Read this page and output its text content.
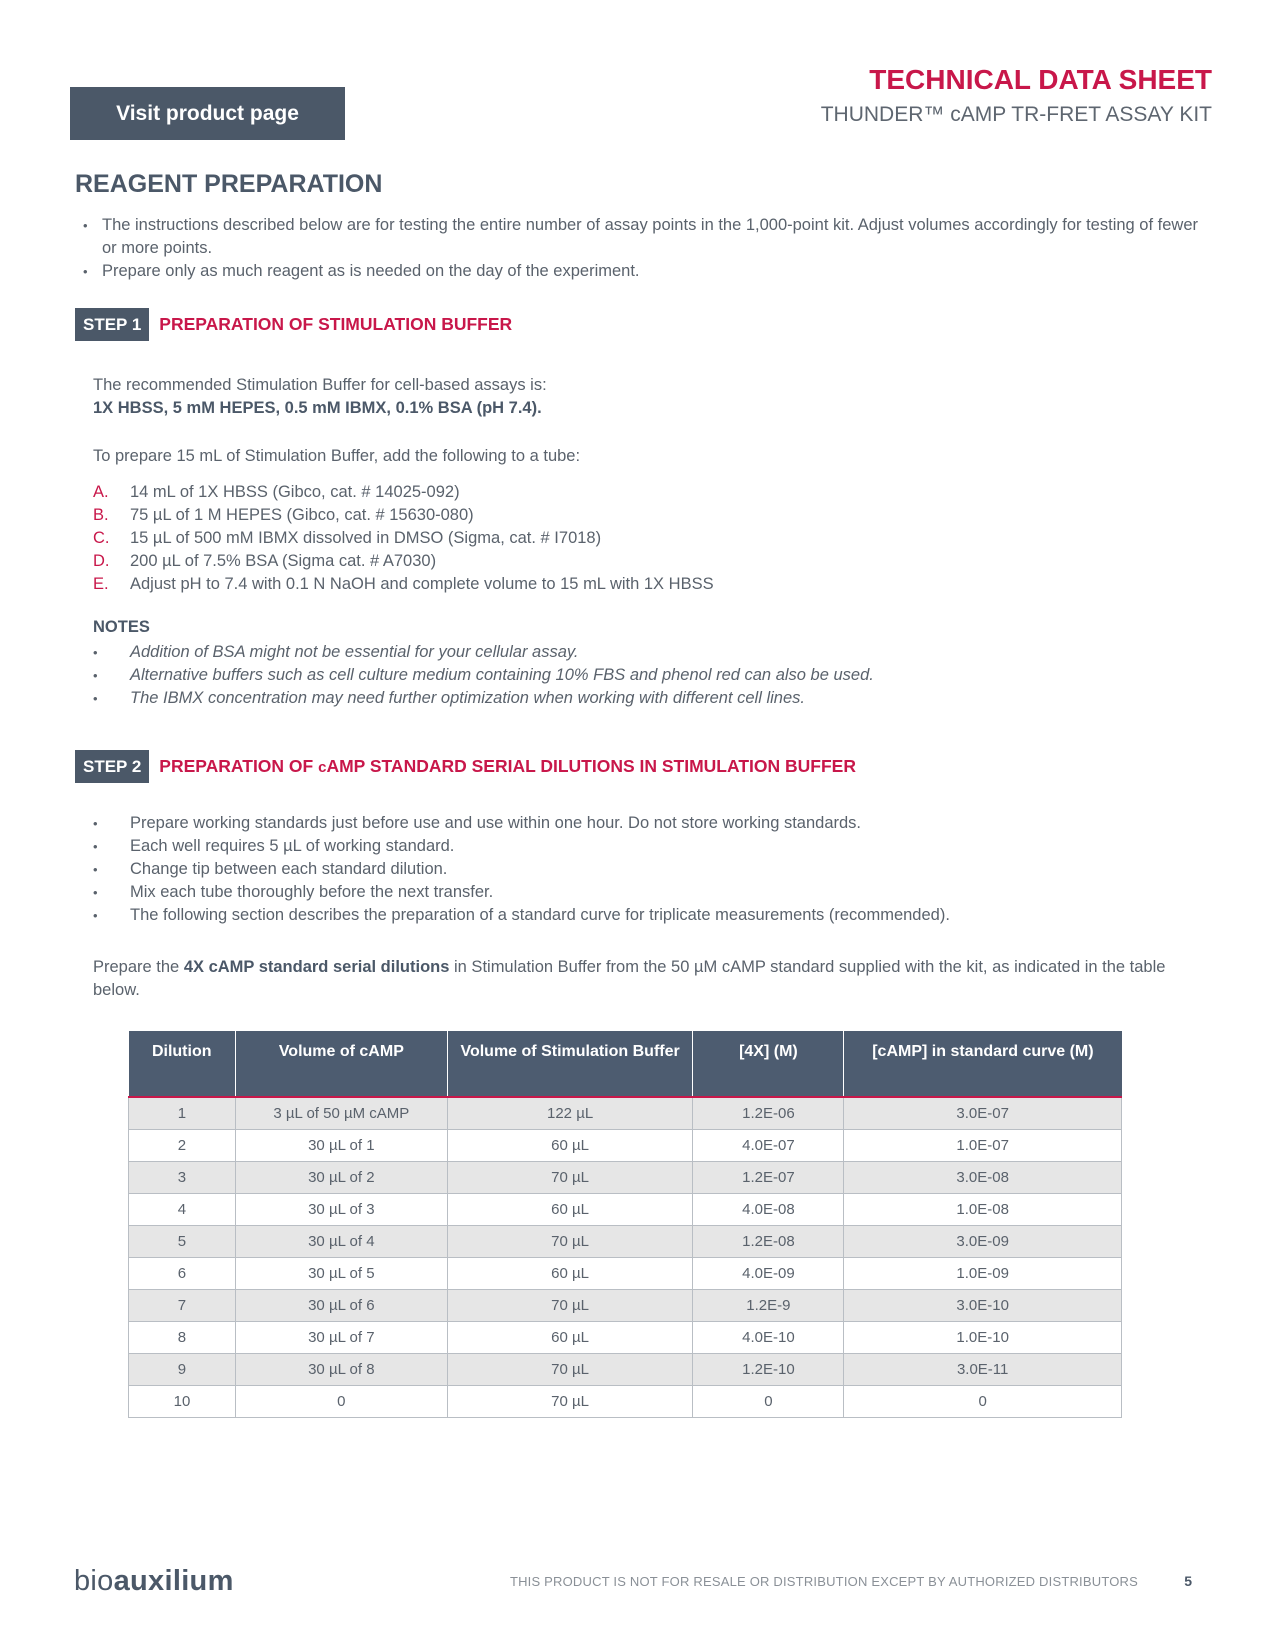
Visit product page
TECHNICAL DATA SHEET
THUNDER™ cAMP TR-FRET ASSAY KIT
REAGENT PREPARATION
• The instructions described below are for testing the entire number of assay points in the 1,000-point kit. Adjust volumes accordingly for testing of fewer or more points.
• Prepare only as much reagent as is needed on the day of the experiment.
STEP 1	PREPARATION OF STIMULATION BUFFER
The recommended Stimulation Buffer for cell-based assays is:
1X HBSS, 5 mM HEPES, 0.5 mM IBMX, 0.1% BSA (pH 7.4).
To prepare 15 mL of Stimulation Buffer, add the following to a tube:
A.	14 mL of 1X HBSS (Gibco, cat. # 14025-092)
B.	75 µL of 1 M HEPES (Gibco, cat. # 15630-080)
C.	15 µL of 500 mM IBMX dissolved in DMSO (Sigma, cat. # I7018)
D.	200 µL of 7.5% BSA (Sigma cat. # A7030)
E.	Adjust pH to 7.4 with 0.1 N NaOH and complete volume to 15 mL with 1X HBSS
NOTES
•	Addition of BSA might not be essential for your cellular assay.
•	Alternative buffers such as cell culture medium containing 10% FBS and phenol red can also be used.
•	The IBMX concentration may need further optimization when working with different cell lines.
STEP 2	PREPARATION OF cAMP STANDARD SERIAL DILUTIONS IN STIMULATION BUFFER
•	Prepare working standards just before use and use within one hour. Do not store working standards.
•	Each well requires 5 µL of working standard.
•	Change tip between each standard dilution.
•	Mix each tube thoroughly before the next transfer.
•	The following section describes the preparation of a standard curve for triplicate measurements (recommended).
Prepare the 4X cAMP standard serial dilutions in Stimulation Buffer from the 50 µM cAMP standard supplied with the kit, as indicated in the table below.
Dilution	Volume of cAMP	Volume of Stimulation Buffer	[4X] (M)	[cAMP] in standard curve (M)
1	3 µL of 50 µM cAMP	122 µL	1.2E-06	3.0E-07
2	30 µL of 1	60 µL	4.0E-07	1.0E-07
3	30 µL of 2	70 µL	1.2E-07	3.0E-08
4	30 µL of 3	60 µL	4.0E-08	1.0E-08
5	30 µL of 4	70 µL	1.2E-08	3.0E-09
6	30 µL of 5	60 µL	4.0E-09	1.0E-09
7	30 µL of 6	70 µL	1.2E-9	3.0E-10
8	30 µL of 7	60 µL	4.0E-10	1.0E-10
9	30 µL of 8	70 µL	1.2E-10	3.0E-11
10	0	70 µL	0	0
bioauxilium	THIS PRODUCT IS NOT FOR RESALE OR DISTRIBUTION EXCEPT BY AUTHORIZED DISTRIBUTORS	5
